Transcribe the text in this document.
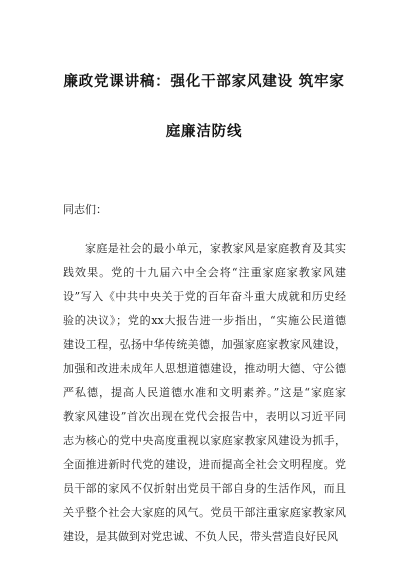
廉政党课讲稿：强化干部家风建设 筑牢家
庭廉洁防线
同志们：
家庭是社会的最小单元，家教家风是家庭教育及其实
践效果。党的十九届六中全会将“注重家庭家教家风建
设”写入《中共中央关于党的百年奋斗重大成就和历史经
验的决议》；党的xx大报告进一步指出，“实施公民道德
建设工程，弘扬中华传统美德，加强家庭家教家风建设，
加强和改进未成年人思想道德建设，推动明大德、守公德
严私德，提高人民道德水准和文明素养。”这是“家庭家
教家风建设”首次出现在党代会报告中，表明以习近平同
志为核心的党中央高度重视以家庭家教家风建设为抓手，
全面推进新时代党的建设，进而提高全社会文明程度。党
员干部的家风不仅折射出党员干部自身的生活作风，而且
关乎整个社会大家庭的风气。党员干部注重家庭家教家风
建设，是其做到对党忠诚、不负人民，带头营造良好民风
